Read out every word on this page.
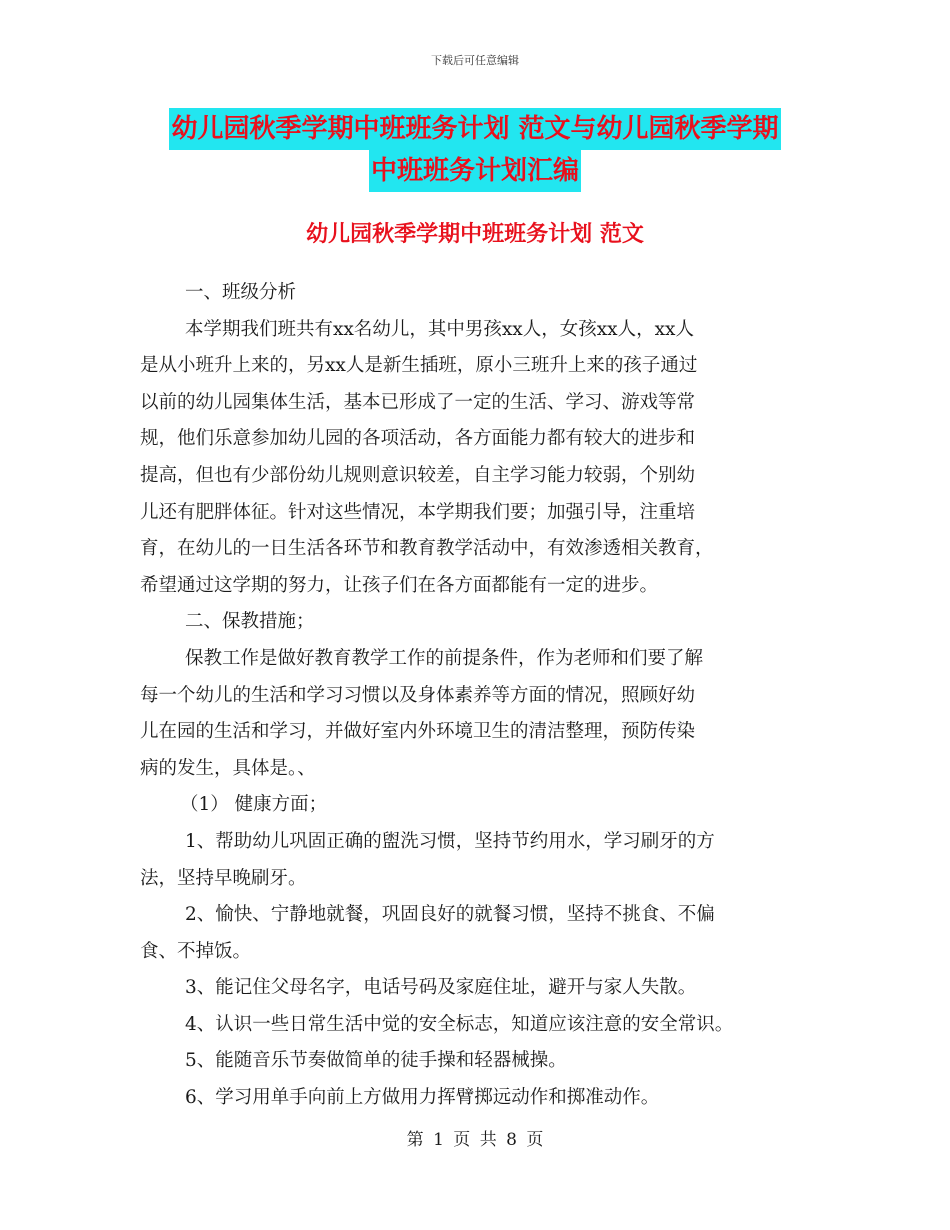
下载后可任意编辑
幼儿园秋季学期中班班务计划 范文与幼儿园秋季学期
中班班务计划汇编
幼儿园秋季学期中班班务计划 范文

一、班级分析

本学期我们班共有xx名幼儿，其中男孩xx人，女孩xx人，xx人

是从小班升上来的，另xx人是新生插班，原小三班升上来的孩子通过

以前的幼儿园集体生活，基本已形成了一定的生活、学习、游戏等常

规，他们乐意参加幼儿园的各项活动，各方面能力都有较大的进步和

提高，但也有少部份幼儿规则意识较差，自主学习能力较弱，个别幼

儿还有肥胖体征。针对这些情况，本学期我们要；加强引导，注重培

育，在幼儿的一日生活各环节和教育教学活动中，有效渗透相关教育，

希望通过这学期的努力，让孩子们在各方面都能有一定的进步。

二、保教措施；

保教工作是做好教育教学工作的前提条件，作为老师和们要了解

每一个幼儿的生活和学习习惯以及身体素养等方面的情况，照顾好幼

儿在园的生活和学习，并做好室内外环境卫生的清洁整理，预防传染

病的发生，具体是。、

（1） 健康方面；

1、帮助幼儿巩固正确的盥洗习惯，坚持节约用水，学习刷牙的方

法，坚持早晚刷牙。

2、愉快、宁静地就餐，巩固良好的就餐习惯，坚持不挑食、不偏

食、不掉饭。

3、能记住父母名字，电话号码及家庭住址，避开与家人失散。

4、认识一些日常生活中觉的安全标志，知道应该注意的安全常识。

5、能随音乐节奏做简单的徒手操和轻器械操。

6、学习用单手向前上方做用力挥臂掷远动作和掷准动作。

第 1 页 共 8 页
